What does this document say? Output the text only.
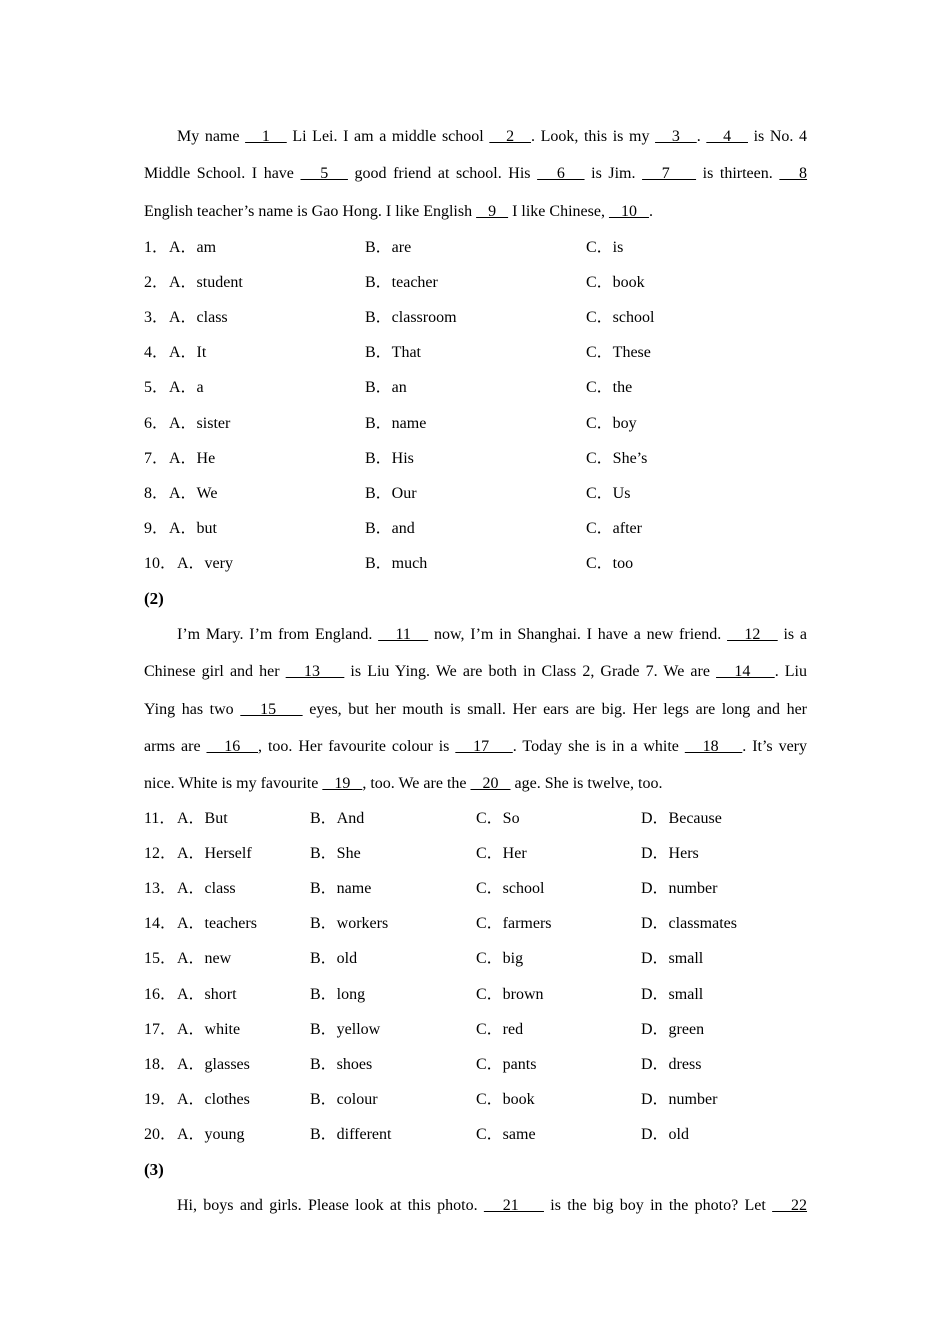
My name    1    Li Lei. I am a middle school    2   . Look, this is my    3   .    4    is No. 4
Middle School. I have    5    good friend at school. His    6    is Jim.    7     is thirteen.    8
English teacher’s name is Gao Hong. I like English    9    I like Chinese,    10   .
1． A．am	B．are	C．is
2． A．student	B．teacher	C．book
3． A．class	B．classroom	C．school
4． A．It	B．That	C．These
5． A．a	B．an	C．the
6． A．sister	B．name	C．boy
7． A．He	B．His	C．She’s
8． A．We	B．Our	C．Us
9． A．but	B．and	C．after
10． A．very	B．much	C．too
(2)
I’m Mary. I’m from England.    11    now, I’m in Shanghai. I have a new friend.    12    is a
Chinese girl and her    13     is Liu Ying. We are both in Class 2, Grade 7. We are    14    . Liu
Ying has two    15     eyes, but her mouth is small. Her ears are big. Her legs are long and her
arms are    16   , too. Her favourite colour is    17    . Today she is in a white    18    . It’s very
nice. White is my favourite    19   , too. We are the    20    age. She is twelve, too.
11． A．But	B．And	C．So	D．Because
12． A．Herself	B．She	C．Her	D．Hers
13． A．class	B．name	C．school	D．number
14． A．teachers	B．workers	C．farmers	D．classmates
15． A．new	B．old	C．big	D．small
16． A．short	B．long	C．brown	D．small
17． A．white	B．yellow	C．red	D．green
18． A．glasses	B．shoes	C．pants	D．dress
19． A．clothes	B．colour	C．book	D．number
20． A．young	B．different	C．same	D．old
(3)
Hi, boys and girls. Please look at this photo.    21     is the big boy in the photo? Let    22
